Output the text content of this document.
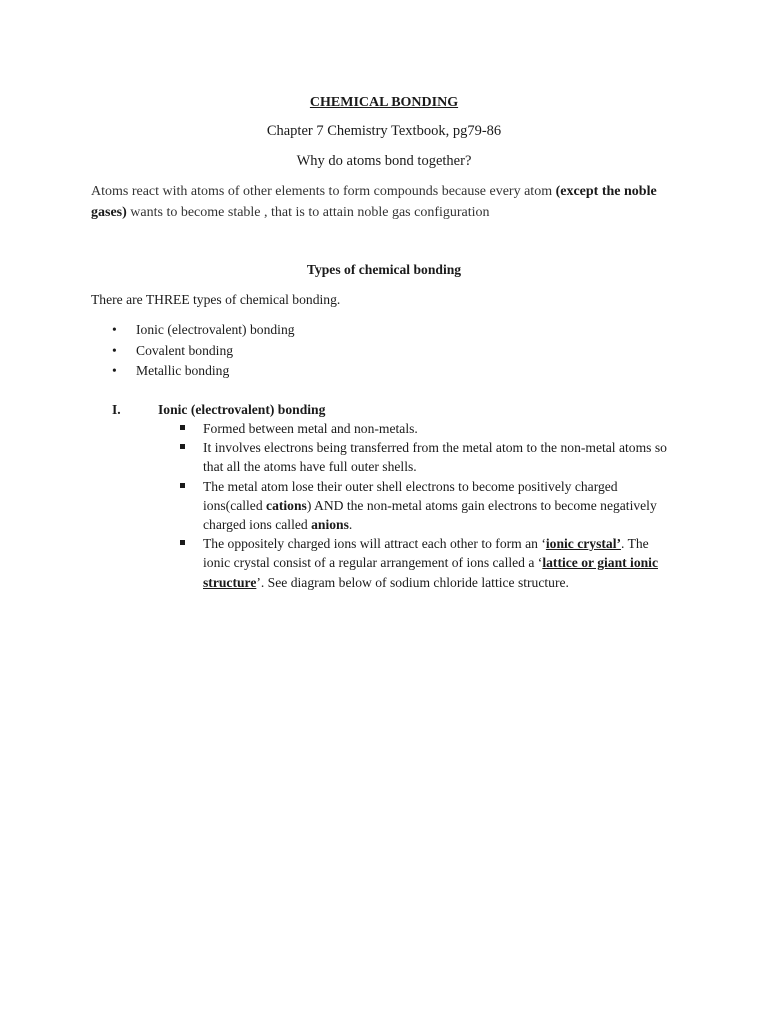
CHEMICAL BONDING
Chapter 7 Chemistry Textbook, pg79-86
Why do atoms bond together?
Atoms react with atoms of other elements to form compounds because every atom (except the noble gases) wants to become stable , that is to attain noble gas configuration
Types of chemical bonding
There are THREE types of chemical bonding.
• Ionic (electrovalent) bonding
• Covalent bonding
• Metallic bonding
I.	Ionic (electrovalent) bonding
Formed between metal and non-metals.
It involves electrons being transferred from the metal atom to the non-metal atoms so that all the atoms have full outer shells.
The metal atom lose their outer shell electrons to become positively charged ions(called cations) AND the non-metal atoms gain electrons to become negatively charged ions called anions.
The oppositely charged ions will attract each other to form an ‘ionic crystal’. The ionic crystal consist of a regular arrangement of ions called a ‘lattice or giant ionic structure’. See diagram below of sodium chloride lattice structure.
